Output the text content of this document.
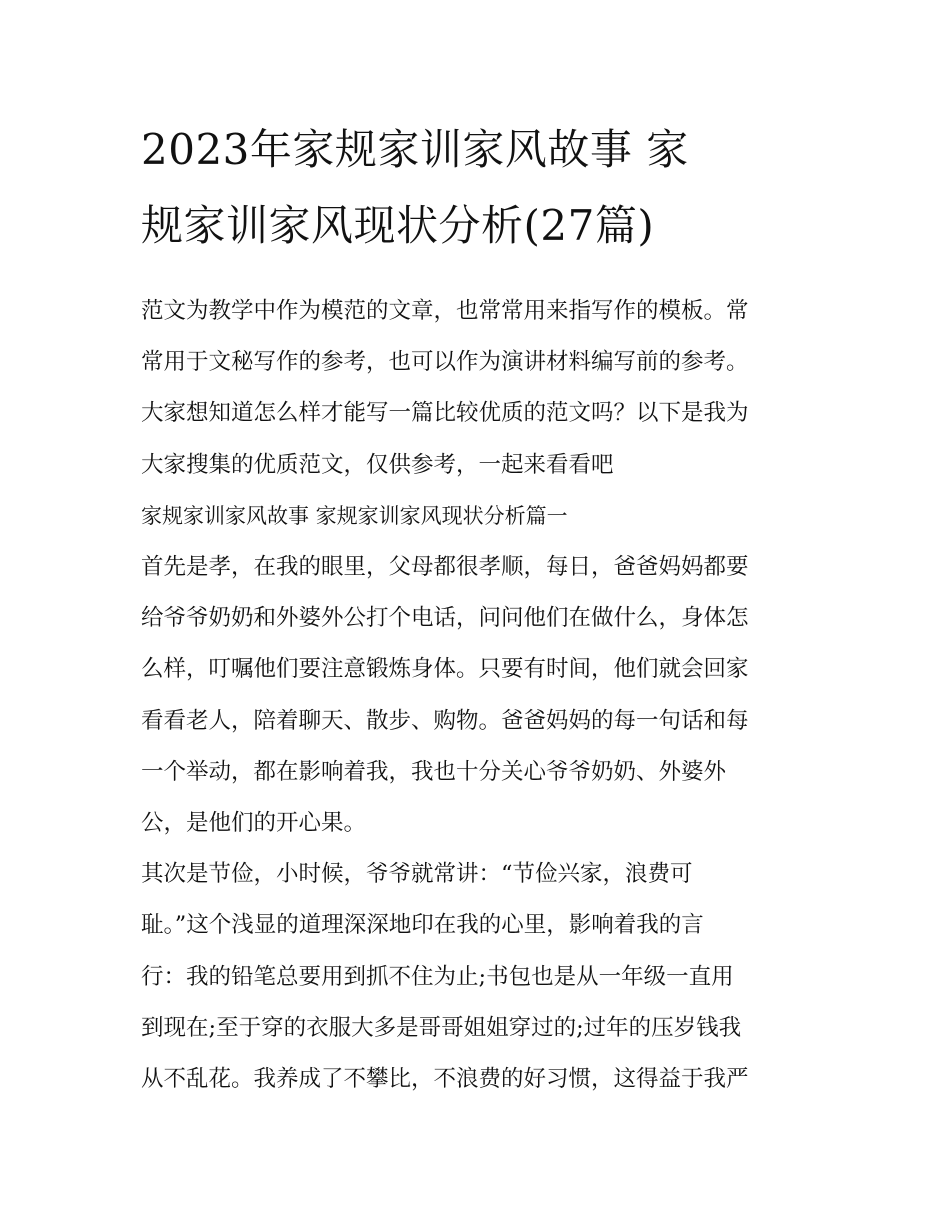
2023年家规家训家风故事 家
规家训家风现状分析(27篇)

范文为教学中作为模范的文章，也常常用来指写作的模板。常
常用于文秘写作的参考，也可以作为演讲材料编写前的参考。
大家想知道怎么样才能写一篇比较优质的范文吗？以下是我为
大家搜集的优质范文，仅供参考，一起来看看吧

家规家训家风故事 家规家训家风现状分析篇一

首先是孝，在我的眼里，父母都很孝顺，每日，爸爸妈妈都要
给爷爷奶奶和外婆外公打个电话，问问他们在做什么，身体怎
么样，叮嘱他们要注意锻炼身体。只要有时间，他们就会回家
看看老人，陪着聊天、散步、购物。爸爸妈妈的每一句话和每
一个举动，都在影响着我，我也十分关心爷爷奶奶、外婆外
公，是他们的开心果。

其次是节俭，小时候，爷爷就常讲：“节俭兴家，浪费可
耻。”这个浅显的道理深深地印在我的心里，影响着我的言
行：我的铅笔总要用到抓不住为止;书包也是从一年级一直用
到现在;至于穿的衣服大多是哥哥姐姐穿过的;过年的压岁钱我
从不乱花。我养成了不攀比，不浪费的好习惯，这得益于我严
